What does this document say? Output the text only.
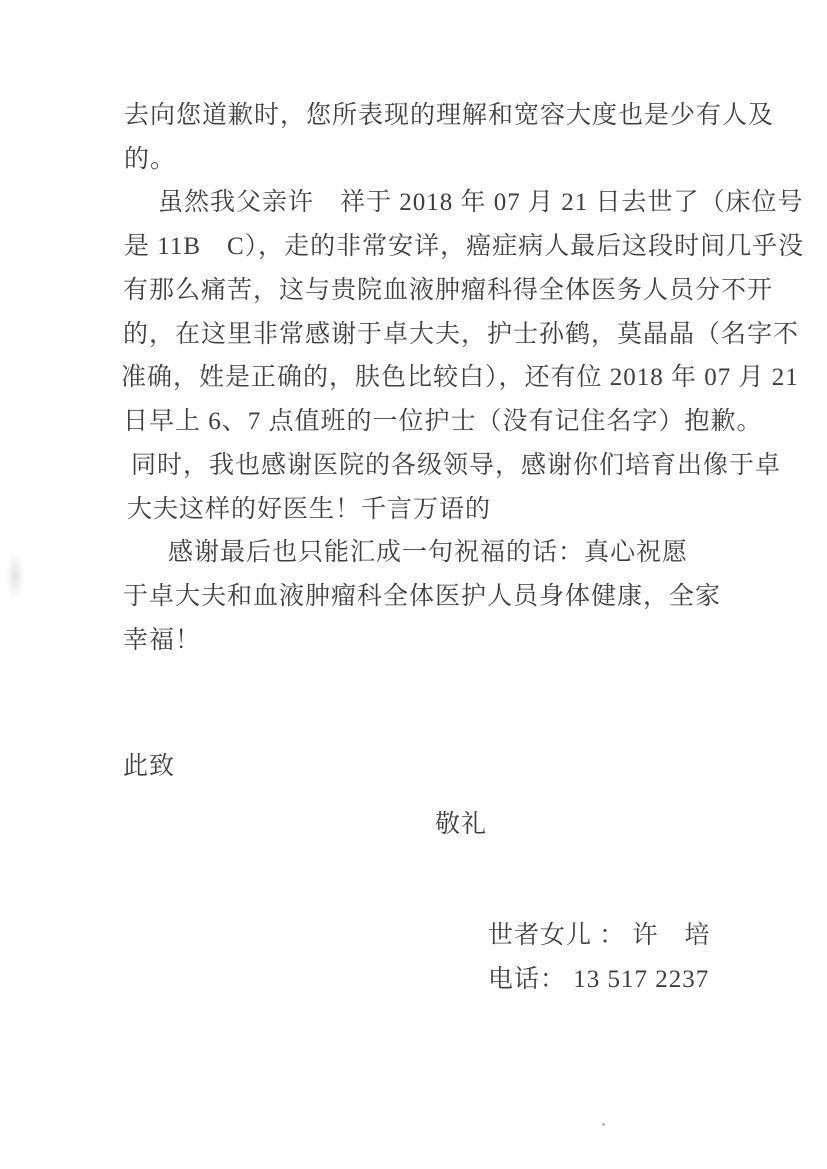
去向您道歉时，您所表现的理解和宽容大度也是少有人及
的。
虽然我父亲许　祥于 2018 年 07 月 21 日去世了（床位号
是 11B　C），走的非常安详，癌症病人最后这段时间几乎没
有那么痛苦，这与贵院血液肿瘤科得全体医务人员分不开
的，在这里非常感谢于卓大夫，护士孙鹤，莫晶晶（名字不
准确，姓是正确的，肤色比较白），还有位 2018 年 07 月 21
日早上 6、7 点值班的一位护士（没有记住名字）抱歉。
同时，我也感谢医院的各级领导，感谢你们培育出像于卓
大夫这样的好医生！千言万语的
感谢最后也只能汇成一句祝福的话：真心祝愿
于卓大夫和血液肿瘤科全体医护人员身体健康，全家
幸福！
此致
敬礼
世者女儿 ： 许　培
电话： 13 517 2237
